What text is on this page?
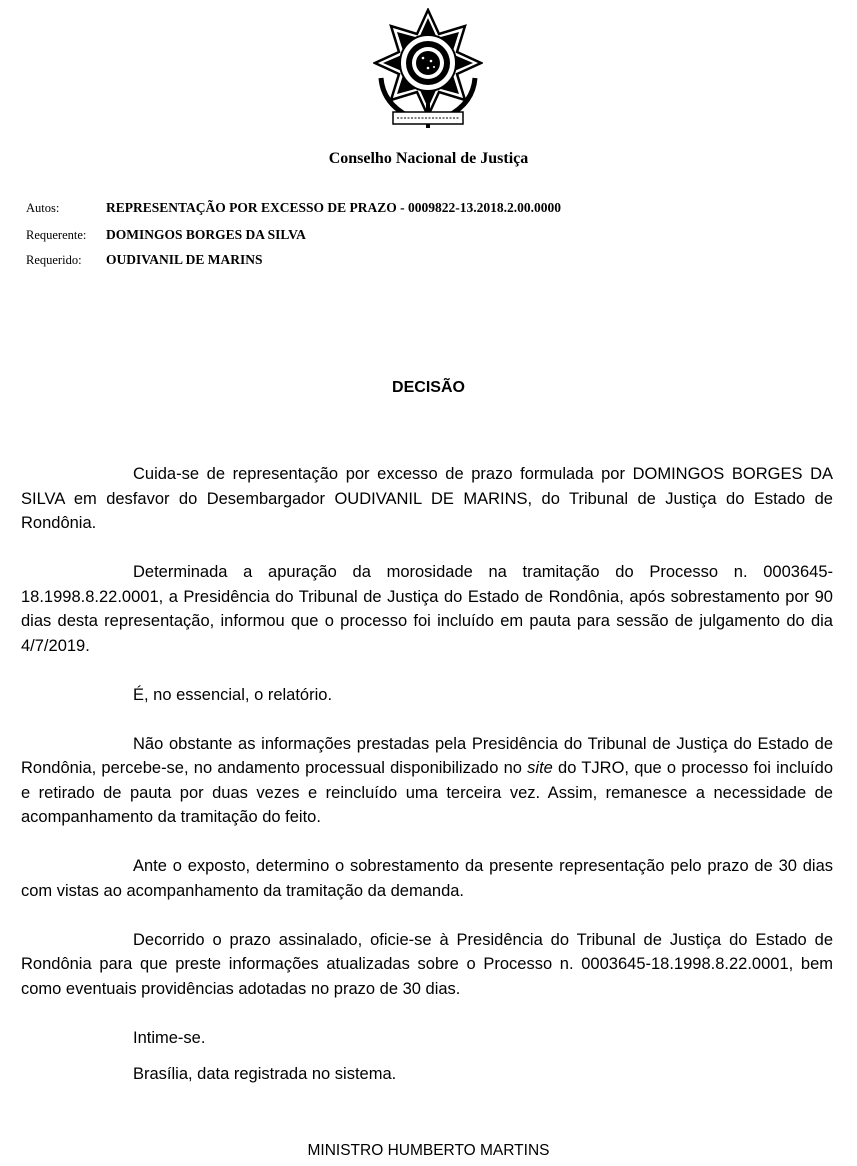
Conselho Nacional de Justiça
Autos:	REPRESENTAÇÃO POR EXCESSO DE PRAZO - 0009822-13.2018.2.00.0000
Requerente: DOMINGOS BORGES DA SILVA
Requerido: OUDIVANIL DE MARINS
DECISÃO

Cuida-se de representação por excesso de prazo formulada por DOMINGOS BORGES DA SILVA em desfavor do Desembargador OUDIVANIL DE MARINS, do Tribunal de Justiça do Estado de Rondônia.

Determinada a apuração da morosidade na tramitação do Processo n. 0003645-18.1998.8.22.0001, a Presidência do Tribunal de Justiça do Estado de Rondônia, após sobrestamento por 90 dias desta representação, informou que o processo foi incluído em pauta para sessão de julgamento do dia 4/7/2019.

É, no essencial, o relatório.

Não obstante as informações prestadas pela Presidência do Tribunal de Justiça do Estado de Rondônia, percebe-se, no andamento processual disponibilizado no site do TJRO, que o processo foi incluído e retirado de pauta por duas vezes e reincluído uma terceira vez. Assim, remanesce a necessidade de acompanhamento da tramitação do feito.

Ante o exposto, determino o sobrestamento da presente representação pelo prazo de 30 dias com vistas ao acompanhamento da tramitação da demanda.

Decorrido o prazo assinalado, oficie-se à Presidência do Tribunal de Justiça do Estado de Rondônia para que preste informações atualizadas sobre o Processo n. 0003645-18.1998.8.22.0001, bem como eventuais providências adotadas no prazo de 30 dias.

Intime-se.

Brasília, data registrada no sistema.

MINISTRO HUMBERTO MARTINS
